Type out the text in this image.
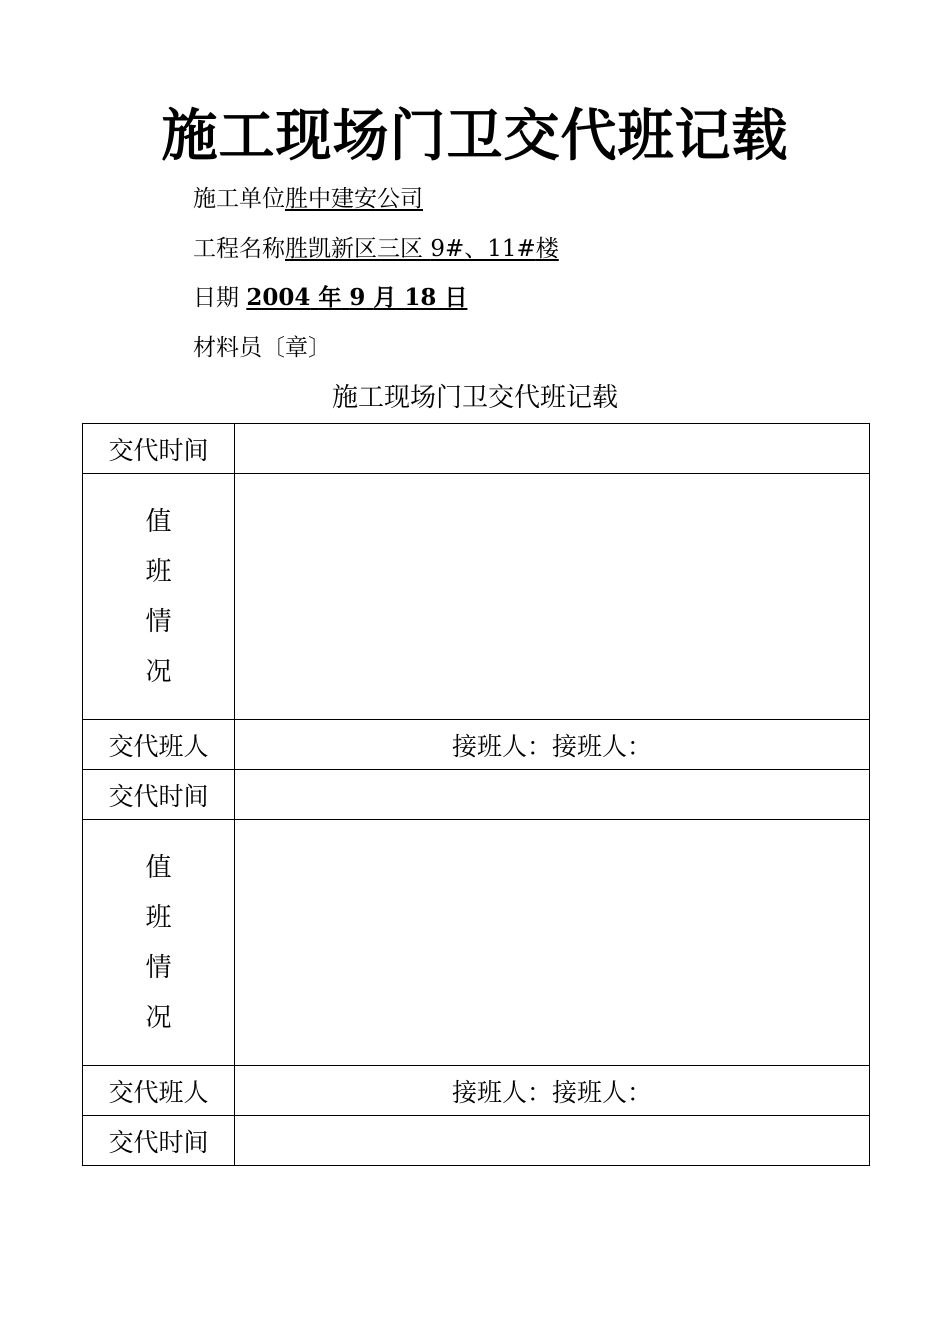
施工现场门卫交代班记载
施工单位胜中建安公司
工程名称胜凯新区三区 9#、11#楼
日期 2004 年 9 月 18 日
材料员〔章〕
施工现场门卫交代班记载
交代时间	

值
班
情
况	

交代班人	接班人：接班人：
交代时间	

值
班
情
况	

交代班人	接班人：接班人：
交代时间	
